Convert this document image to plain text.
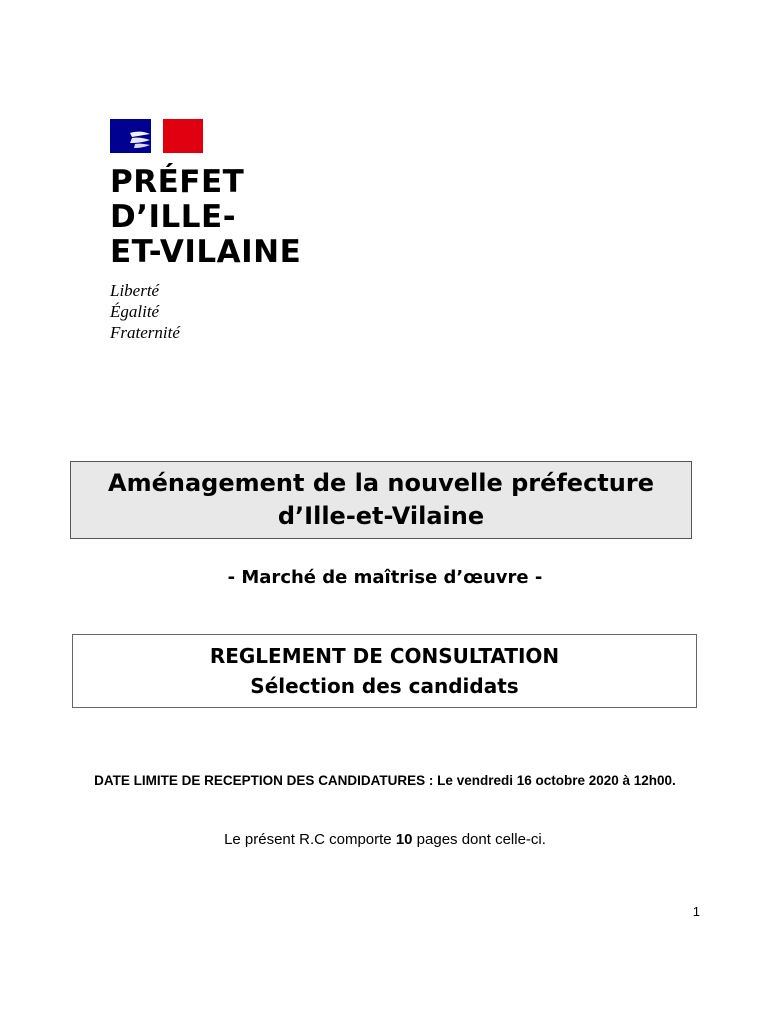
PRÉFET
D’ILLE-
ET-VILAINE
Liberté
Égalité
Fraternité
Aménagement de la nouvelle préfecture
d’Ille-et-Vilaine
- Marché de maîtrise d’œuvre -
REGLEMENT DE CONSULTATION
Sélection des candidats
DATE LIMITE DE RECEPTION DES CANDIDATURES : Le vendredi 16 octobre 2020 à 12h00.
Le présent R.C comporte 10 pages dont celle-ci.
1
